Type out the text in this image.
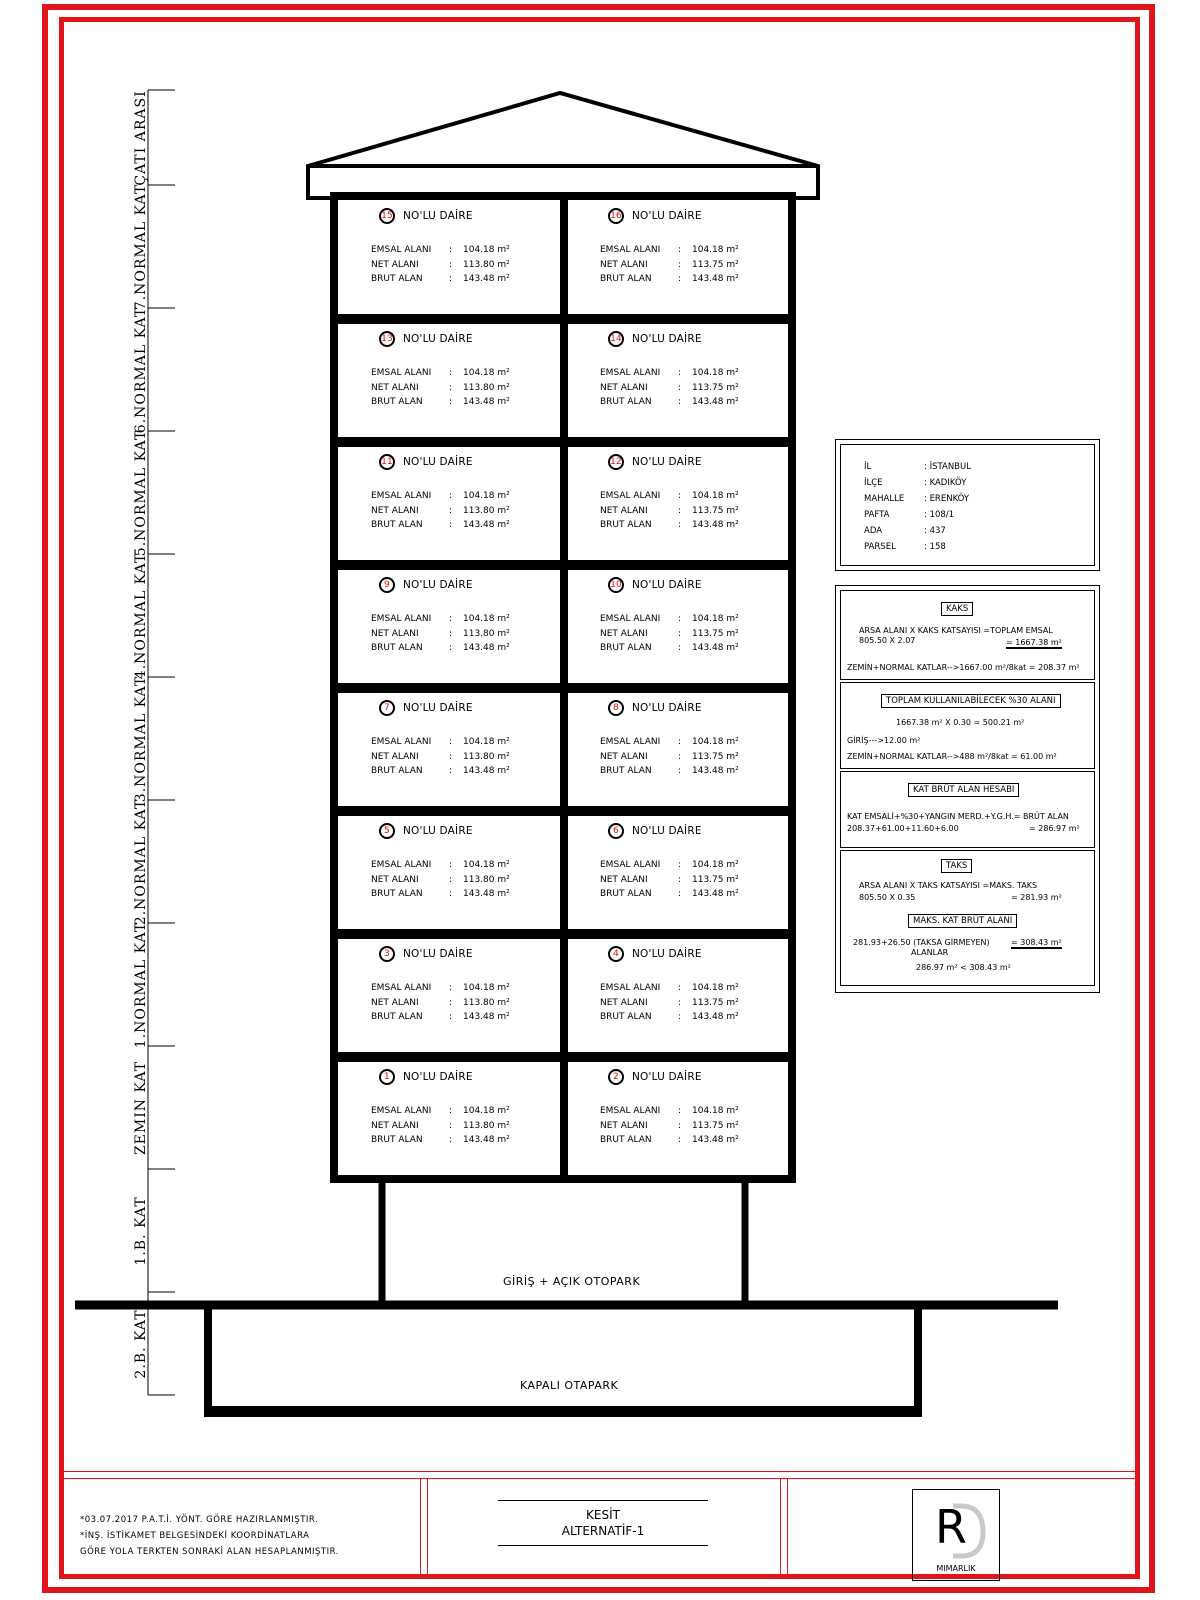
15 NO'LU DAİRE
EMSAL ALANI	:	104.18 m²
NET ALANI	:	113.80 m²
BRUT ALAN	:	143.48 m²
16 NO'LU DAİRE
EMSAL ALANI	:	104.18 m²
NET ALANI	:	113.75 m²
BRUT ALAN	:	143.48 m²
13 NO'LU DAİRE
EMSAL ALANI	:	104.18 m²
NET ALANI	:	113.80 m²
BRUT ALAN	:	143.48 m²
14 NO'LU DAİRE
EMSAL ALANI	:	104.18 m²
NET ALANI	:	113.75 m²
BRUT ALAN	:	143.48 m²
11 NO'LU DAİRE
EMSAL ALANI	:	104.18 m²
NET ALANI	:	113.80 m²
BRUT ALAN	:	143.48 m²
12 NO'LU DAİRE
EMSAL ALANI	:	104.18 m²
NET ALANI	:	113.75 m²
BRUT ALAN	:	143.48 m²
9	NO'LU DAİRE
EMSAL ALANI	:	104.18 m²
NET ALANI	:	113.80 m²
BRUT ALAN	:	143.48 m²
10 NO'LU DAİRE
EMSAL ALANI	:	104.18 m²
NET ALANI	:	113.75 m²
BRUT ALAN	:	143.48 m²
7	NO'LU DAİRE
EMSAL ALANI	:	104.18 m²
NET ALANI	:	113.80 m²
BRUT ALAN	:	143.48 m²
8	NO'LU DAİRE
EMSAL ALANI	:	104.18 m²
NET ALANI	:	113.75 m²
BRUT ALAN	:	143.48 m²
5	NO'LU DAİRE
EMSAL ALANI	:	104.18 m²
NET ALANI	:	113.80 m²
BRUT ALAN	:	143.48 m²
6	NO'LU DAİRE
EMSAL ALANI	:	104.18 m²
NET ALANI	:	113.75 m²
BRUT ALAN	:	143.48 m²
3	NO'LU DAİRE
EMSAL ALANI	:	104.18 m²
NET ALANI	:	113.80 m²
BRUT ALAN	:	143.48 m²
4	NO'LU DAİRE
EMSAL ALANI	:	104.18 m²
NET ALANI	:	113.75 m²
BRUT ALAN	:	143.48 m²
1	NO'LU DAİRE
EMSAL ALANI	:	104.18 m²
NET ALANI	:	113.80 m²
BRUT ALAN	:	143.48 m²
2	NO'LU DAİRE
EMSAL ALANI	:	104.18 m²
NET ALANI	:	113.75 m²
BRUT ALAN	:	143.48 m²
ÇATI ARASI
7.NORMAL KAT
6.NORMAL KAT
5.NORMAL KAT
4.NORMAL KAT
3.NORMAL KAT
2.NORMAL KAT
1.NORMAL KAT
ZEMIN KAT
1.B. KAT
2.B. KAT
GİRİŞ + AÇIK OTOPARK
KAPALI OTAPARK
İL	: İSTANBUL
İLÇE	: KADIKÖY
MAHALLE : ERENKÖY
PAFTA	: 108/1
ADA	: 437
PARSEL	: 158
KAKS
ARSA ALANI X KAKS KATSAYISI =TOPLAM EMSAL
805.50 X 2.07	= 1667.38 m²
ZEMİN+NORMAL KATLAR-->1667.00 m²/8kat = 208.37 m²
TOPLAM KULLANILABİLECEK %30 ALANI
1667.38 m² X 0.30 = 500.21 m²
GİRİŞ--->12.00 m²
ZEMİN+NORMAL KATLAR-->488 m²/8kat = 61.00 m²
KAT BRÜT ALAN HESABI
KAT EMSALİ+%30+YANGIN MERD.+Y.G.H.= BRÜT ALAN
208.37+61.00+11.60+6.00	= 286.97 m²
TAKS
ARSA ALANI X TAKS KATSAYISI =MAKS. TAKS
805.50 X 0.35	= 281.93 m²
MAKS. KAT BRÜT ALANI
281.93+26.50 (TAKSA GİRMEYEN)
ALANLAR
= 308.43 m²
286.97 m² < 308.43 m²
*03.07.2017 P.A.T.İ. YÖNT. GÖRE HAZIRLANMIŞTIR.
*İNŞ. İSTİKAMET BELGESİNDEKİ KOORDİNATLARA
GÖRE YOLA TERKTEN SONRAKİ ALAN HESAPLANMIŞTIR.
KESİT
ALTERNATİF-1	R
MIMARLIK
